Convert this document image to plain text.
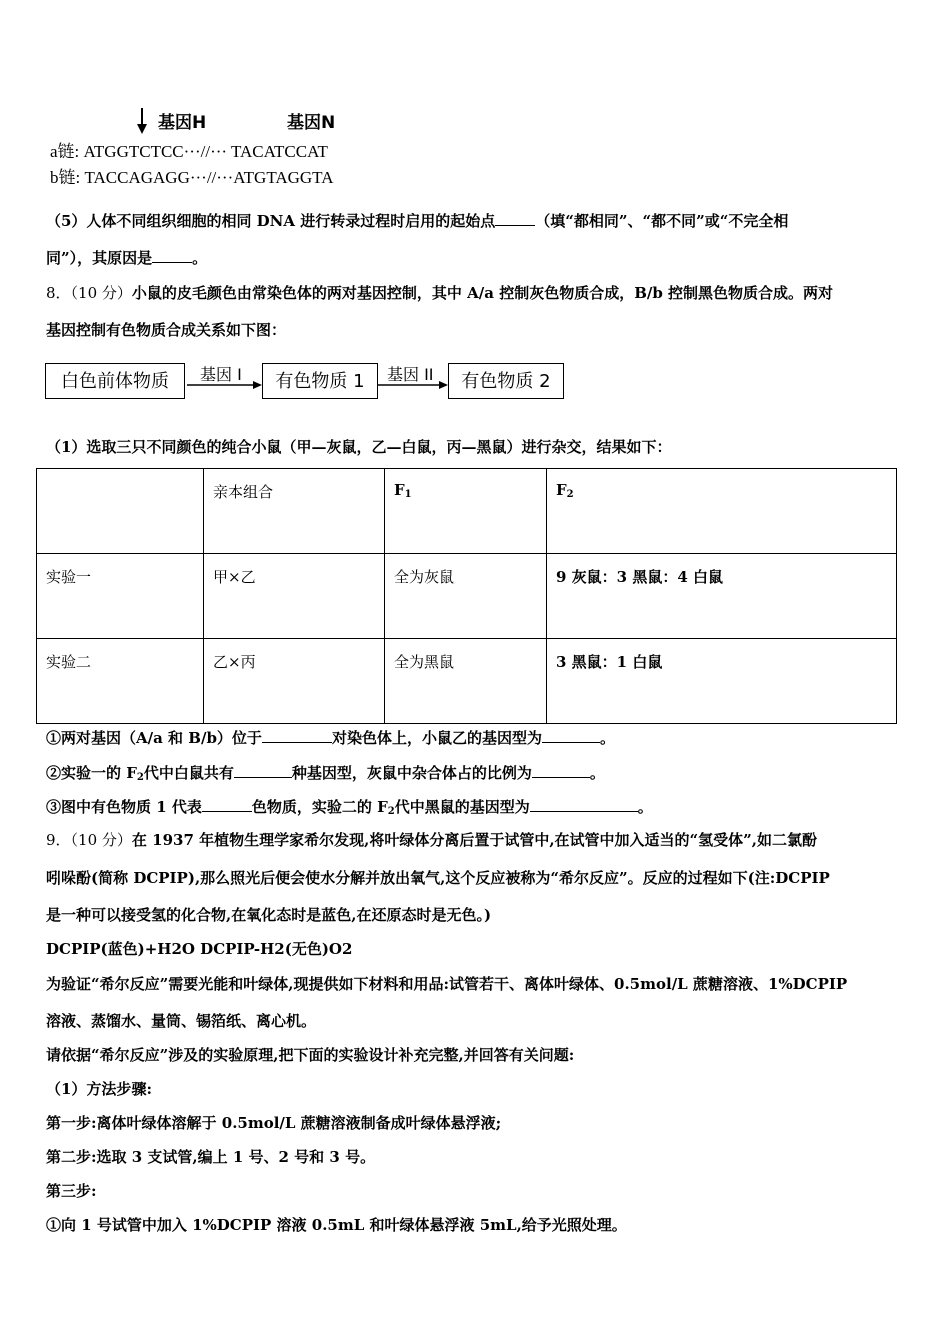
基因H	基因N
a链: ATGGTCTCC···//··· TACATCCAT
b链: TACCAGAGG···//···ATGTAGGTA
（5）人体不同组织细胞的相同 DNA 进行转录过程时启用的起始点	（填“都相同”、“都不同”或“不完全相
同”），其原因是	。
8．（10 分）小鼠的皮毛颜色由常染色体的两对基因控制，其中 A/a 控制灰色物质合成，B/b 控制黑色物质合成。两对
基因控制有色物质合成关系如下图：
白色前体物质	基因 I	有色物质 1	基因 II	有色物质 2
（1）选取三只不同颜色的纯合小鼠（甲—灰鼠，乙—白鼠，丙—黑鼠）进行杂交，结果如下：
	亲本组合	$F_1$	$F_2$
实验一	甲×乙	全为灰鼠	9 灰鼠：3 黑鼠：4 白鼠
实验二	乙×丙	全为黑鼠	3 黑鼠：1 白鼠
①两对基因（A/a 和 B/b）位于	对染色体上，小鼠乙的基因型为	。
②实验一的 $F_2$代中白鼠共有	种基因型，灰鼠中杂合体占的比例为	。
③图中有色物质 1 代表	色物质，实验二的 $F_2$代中黑鼠的基因型为	。
9．（10 分）在 1937 年植物生理学家希尔发现,将叶绿体分离后置于试管中,在试管中加入适当的“氢受体”,如二氯酚
吲哚酚(简称 DCPIP),那么照光后便会使水分解并放出氧气,这个反应被称为“希尔反应”。反应的过程如下(注:DCPIP
是一种可以接受氢的化合物,在氧化态时是蓝色,在还原态时是无色。)
DCPIP(蓝色)+H2O DCPIP-H2(无色)O2
为验证“希尔反应”需要光能和叶绿体,现提供如下材料和用品:试管若干、离体叶绿体、0.5mol/L 蔗糖溶液、1%DCPIP
溶液、蒸馏水、量筒、锡箔纸、离心机。
请依据“希尔反应”涉及的实验原理,把下面的实验设计补充完整,并回答有关问题:
（1）方法步骤:
第一步:离体叶绿体溶解于 0.5mol/L 蔗糖溶液制备成叶绿体悬浮液;
第二步:选取 3 支试管,编上 1 号、2 号和 3 号。
第三步:
①向 1 号试管中加入 1%DCPIP 溶液 0.5mL 和叶绿体悬浮液 5mL,给予光照处理。
